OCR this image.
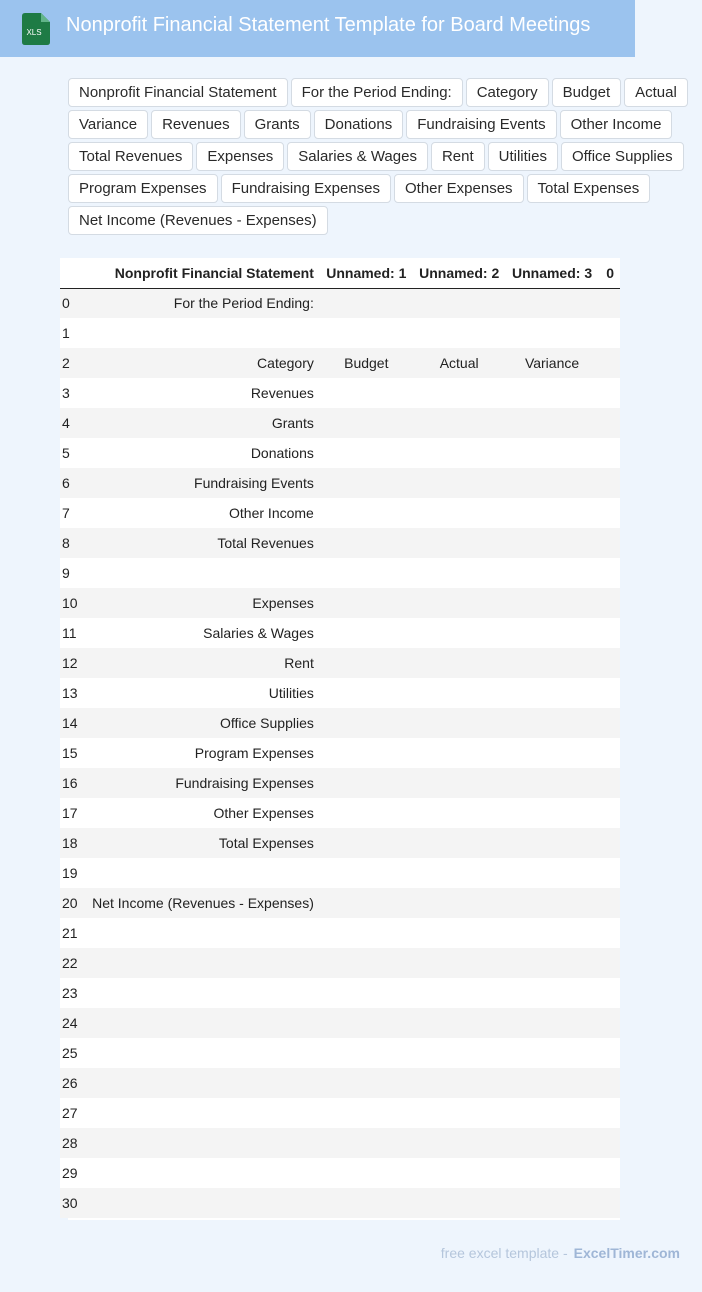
XLS Nonprofit Financial Statement Template for Board Meetings
Nonprofit Financial Statement	For the Period Ending:	Category	Budget	Actual
Variance	Revenues	Grants	Donations	Fundraising Events	Other Income
Total Revenues	Expenses	Salaries & Wages	Rent	Utilities	Office Supplies
Program Expenses	Fundraising Expenses	Other Expenses	Total Expenses
Net Income (Revenues - Expenses)
	Nonprofit Financial Statement	Unnamed: 1	Unnamed: 2	Unnamed: 3	0
0	For the Period Ending:				
1					
2	Category	Budget	Actual	Variance	
3	Revenues				
4	Grants				
5	Donations				
6	Fundraising Events				
7	Other Income				
8	Total Revenues				
9					
10	Expenses				
11	Salaries & Wages				
12	Rent				
13	Utilities				
14	Office Supplies				
15	Program Expenses				
16	Fundraising Expenses				
17	Other Expenses				
18	Total Expenses				
19					
20	Net Income (Revenues - Expenses)				
21					
22					
23					
24					
25					
26					
27					
28					
29					
30					
free excel template - ExcelTimer.com
